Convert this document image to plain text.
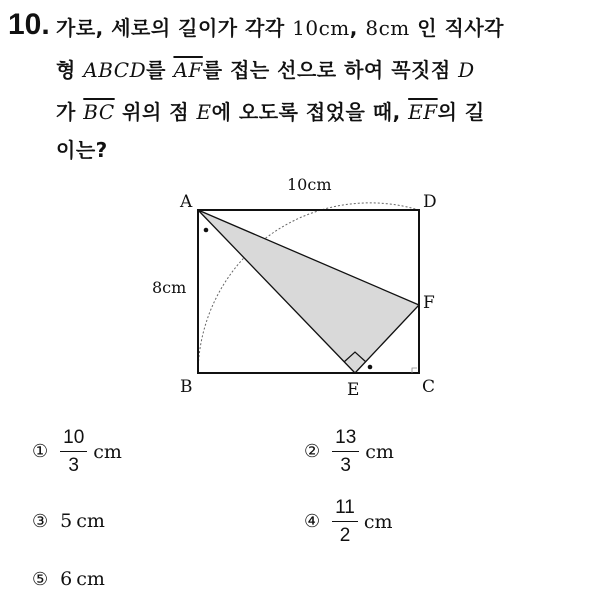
10. 가로, 세로의 길이가 각각 10cm, 8cm 인 직사각
형 ABCD를 $\overline{AF}$를 접는 선으로 하여 꼭짓점 D
가 $\overline{BC}$ 위의 점 E에 오도록 접었을 때, $\overline{EF}$의 길
이는?
A	D
B	C
E
F
10cm
8cm
① $\frac{10}{3}$ cm	② $\frac{13}{3}$ cm
③ 5 cm	④ $\frac{11}{2}$ cm
⑤ 6 cm
